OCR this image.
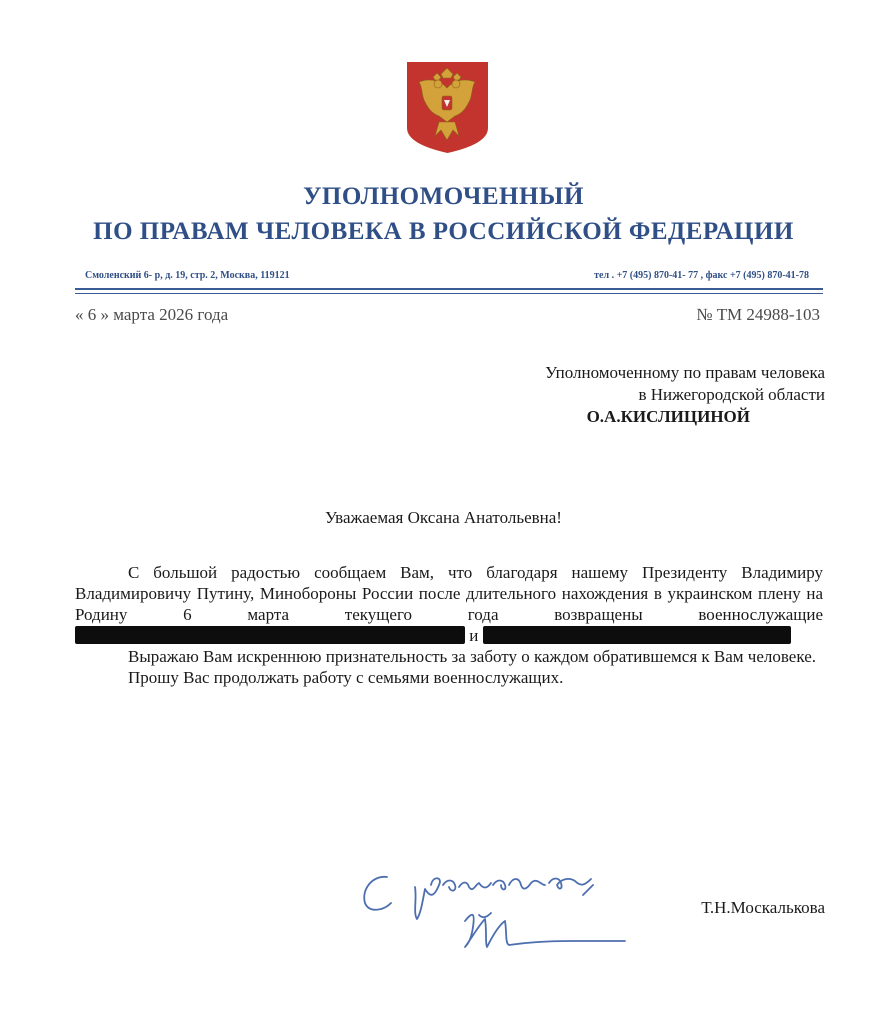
УПОЛНОМОЧЕННЫЙ
ПО ПРАВАМ ЧЕЛОВЕКА В РОССИЙСКОЙ ФЕДЕРАЦИИ
Смоленский 6- р, д. 19, стр. 2, Москва, 119121	тел . +7 (495) 870-41- 77 , факс +7 (495) 870-41-78
« 6 » марта 2026 года	№ ТМ 24988-103
Уполномоченному по правам человека
в Нижегородской области
О.А.КИСЛИЦИНОЙ
Уважаемая Оксана Анатольевна!

С большой радостью сообщаем Вам, что благодаря нашему Президенту Владимиру Владимировичу Путину, Минобороны России после длительного нахождения в украинском плену на Родину 6 марта текущего года возвращены военнослужащие  и

Выражаю Вам искреннюю признательность за заботу о каждом обратившемся к Вам человеке.

Прошу Вас продолжать работу с семьями военнослужащих.

Т.Н.Москалькова
